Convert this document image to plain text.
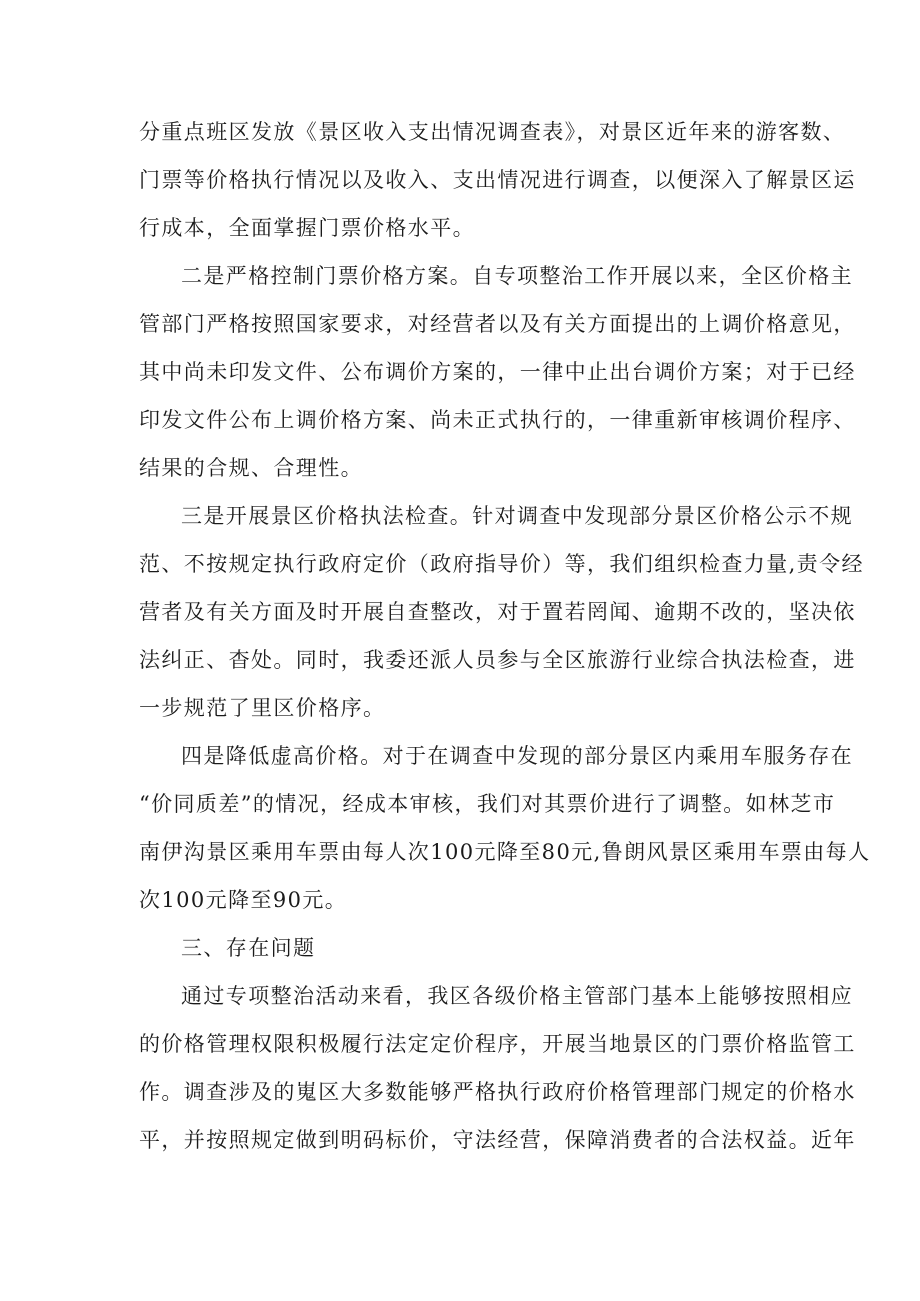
分重点班区发放《景区收入支出情况调查表》，对景区近年来的游客数、
门票等价格执行情况以及收入、支出情况进行调查，以便深入了解景区运
行成本，全面掌握门票价格水平。
二是严格控制门票价格方案。自专项整治工作开展以来，全区价格主
管部门严格按照国家要求，对经营者以及有关方面提出的上调价格意见，
其中尚未印发文件、公布调价方案的，一律中止出台调价方案；对于已经
印发文件公布上调价格方案、尚未正式执行的，一律重新审核调价程序、
结果的合规、合理性。
三是开展景区价格执法检查。针对调查中发现部分景区价格公示不规
范、不按规定执行政府定价（政府指导价）等，我们组织检查力量,责令经
营者及有关方面及时开展自查整改，对于置若罔闻、逾期不改的，坚决依
法纠正、杳处。同时，我委还派人员参与全区旅游行业综合执法检查，进
一步规范了里区价格序。
四是降低虚高价格。对于在调查中发现的部分景区内乘用车服务存在
“价同质差”的情况，经成本审核，我们对其票价进行了调整。如林芝市
南伊沟景区乘用车票由每人次100元降至80元,鲁朗风景区乘用车票由每人
次100元降至90元。
三、存在问题
通过专项整治活动来看，我区各级价格主管部门基本上能够按照相应
的价格管理权限积极履行法定定价程序，开展当地景区的门票价格监管工
作。调查涉及的嵬区大多数能够严格执行政府价格管理部门规定的价格水
平，并按照规定做到明码标价，守法经营，保障消费者的合法权益。近年
